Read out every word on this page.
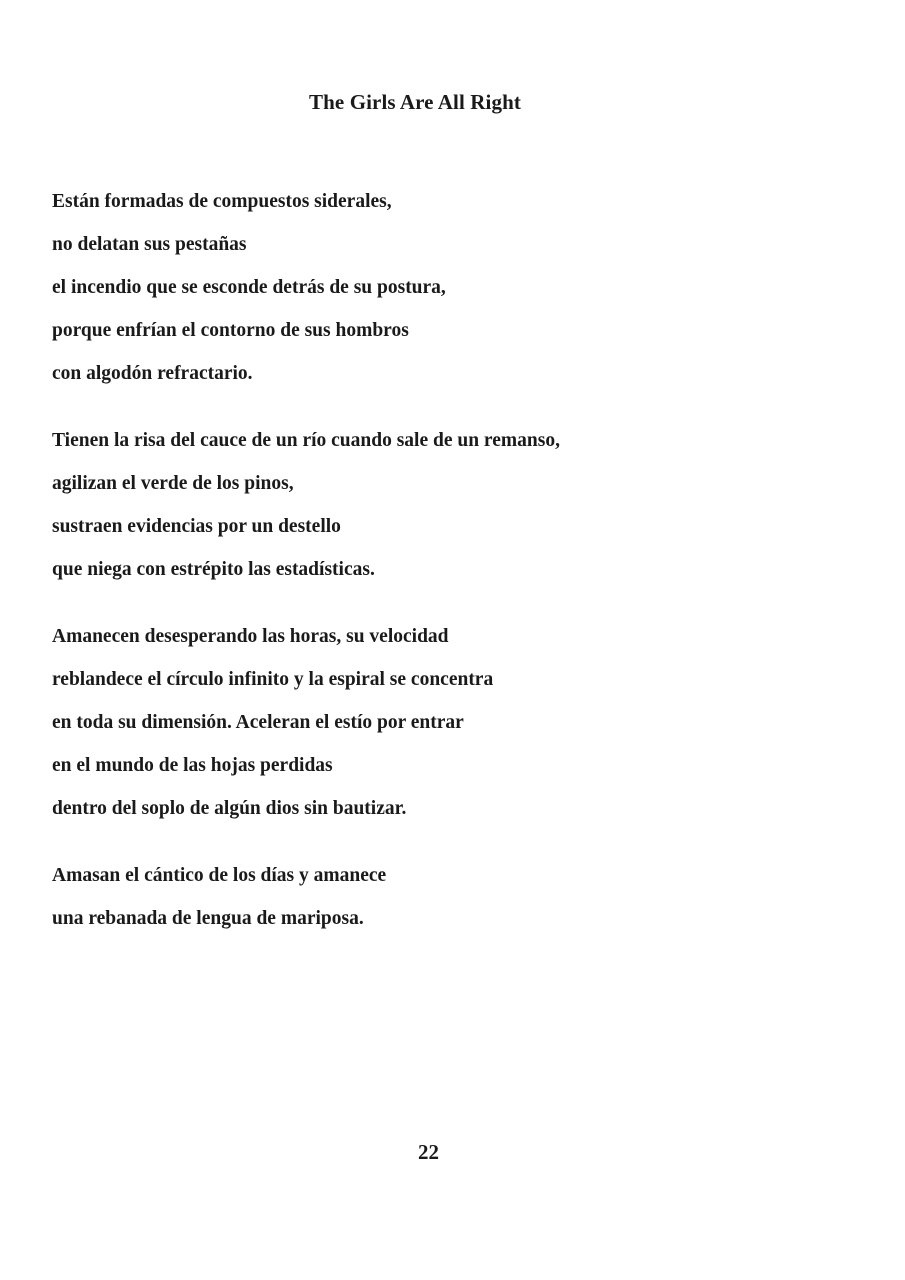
The Girls Are All Right
Están formadas de compuestos siderales,
no delatan sus pestañas
el incendio que se esconde detrás de su postura,
porque enfrían el contorno de sus hombros
con algodón refractario.
Tienen la risa del cauce de un río cuando sale de un remanso,
agilizan el verde de los pinos,
sustraen evidencias por un destello
que niega con estrépito las estadísticas.
Amanecen desesperando las horas, su velocidad
reblandece el círculo infinito y la espiral se concentra
en toda su dimensión. Aceleran el estío por entrar
en el mundo de las hojas perdidas
dentro del soplo de algún dios sin bautizar.
Amasan el cántico de los días y amanece
una rebanada de lengua de mariposa.
22
